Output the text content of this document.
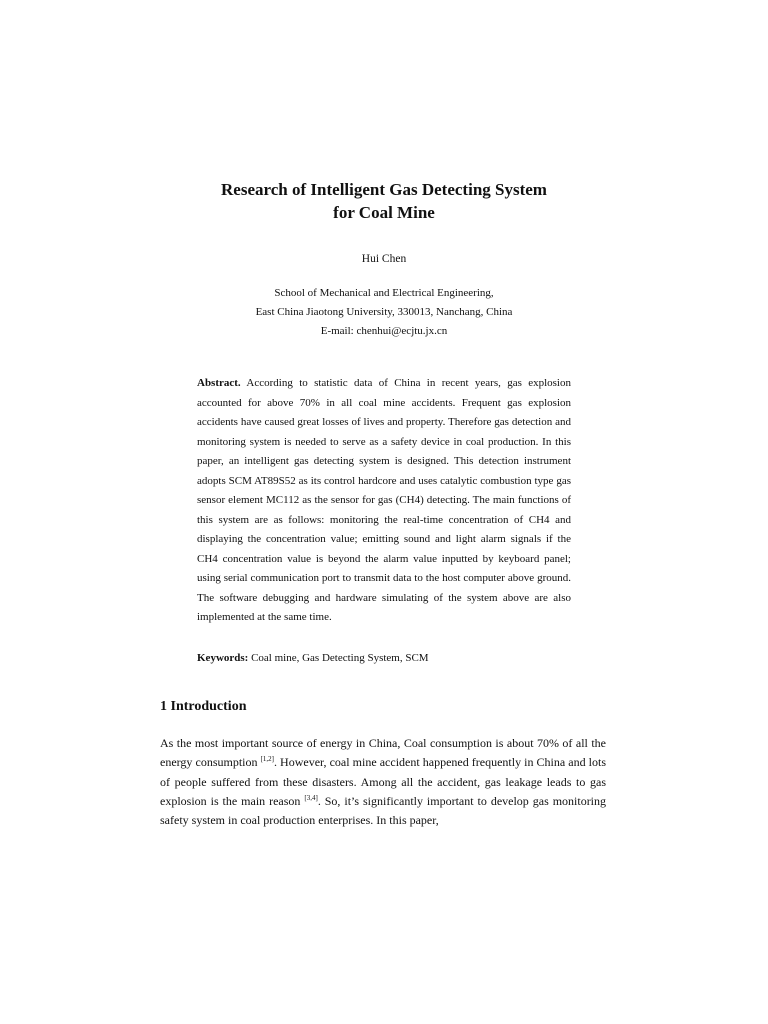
Research of Intelligent Gas Detecting System
for Coal Mine
Hui Chen
School of Mechanical and Electrical Engineering,
East China Jiaotong University, 330013, Nanchang, China
E-mail: chenhui@ecjtu.jx.cn

Abstract. According to statistic data of China in recent years, gas explosion accounted for above 70% in all coal mine accidents. Frequent gas explosion accidents have caused great losses of lives and property. Therefore gas detection and monitoring system is needed to serve as a safety device in coal production. In this paper, an intelligent gas detecting system is designed. This detection instrument adopts SCM AT89S52 as its control hardcore and uses catalytic combustion type gas sensor element MC112 as the sensor for gas (CH4) detecting. The main functions of this system are as follows: monitoring the real-time concentration of CH4 and displaying the concentration value; emitting sound and light alarm signals if the CH4 concentration value is beyond the alarm value inputted by keyboard panel; using serial communication port to transmit data to the host computer above ground. The software debugging and hardware simulating of the system above are also implemented at the same time.

Keywords: Coal mine, Gas Detecting System, SCM

1 Introduction

As the most important source of energy in China, Coal consumption is about 70% of all the energy consumption [1,2]. However, coal mine accident happened frequently in China and lots of people suffered from these disasters. Among all the accident, gas leakage leads to gas explosion is the main reason [3,4]. So, it’s significantly important to develop gas monitoring safety system in coal production enterprises. In this paper,
